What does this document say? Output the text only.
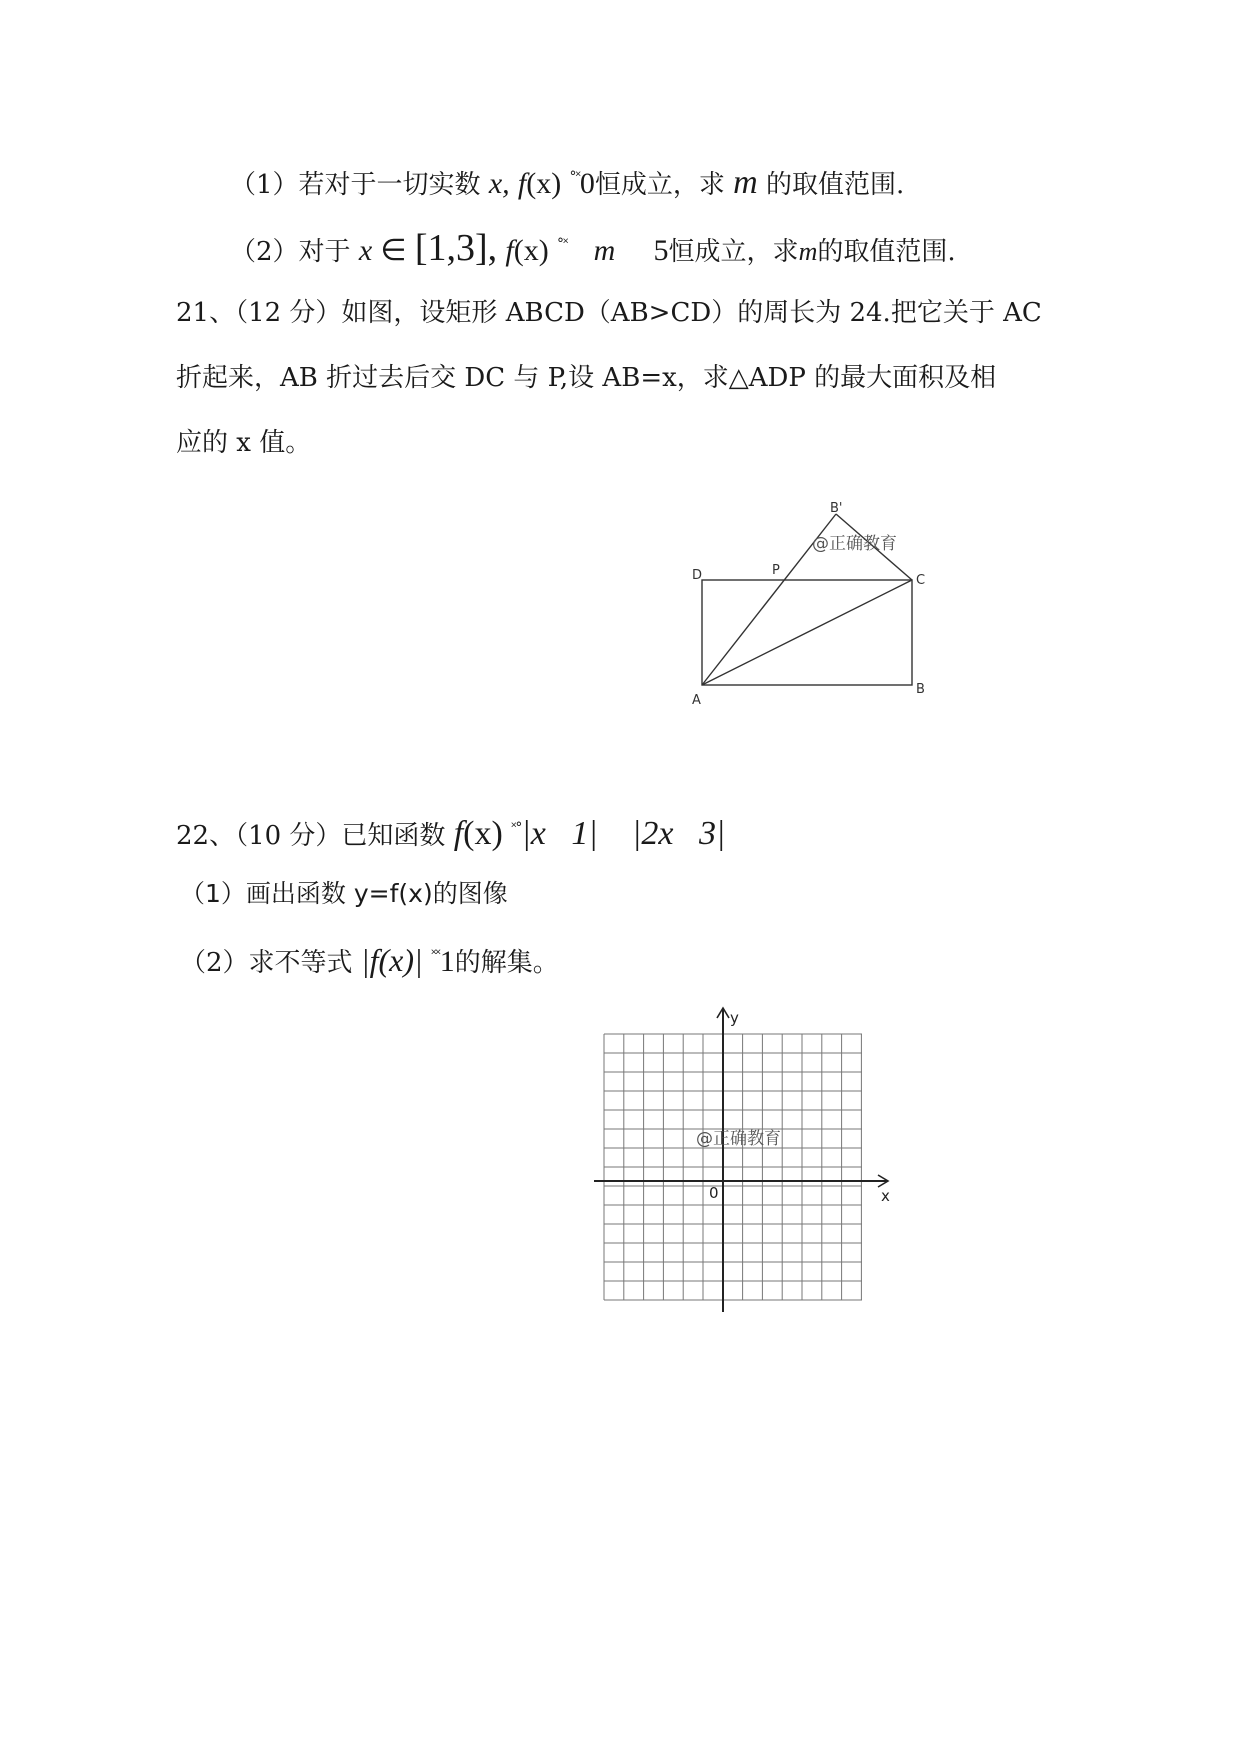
（1）若对于一切实数 x, f(x) °˟0恒成立，求 m 的取值范围.
（2）对于 x ∈ [1,3], f(x) °˟ m 5恒成立，求m的取值范围.
21、（12 分）如图，设矩形 ABCD（AB>CD）的周长为 24.把它关于 AC
折起来，AB 折过去后交 DC 与 P,设 AB=x，求△ADP 的最大面积及相
应的 x 值。
B'
D	P
C
A
B
@正确教育
22、（10 分）已知函数 f(x) ˟°|x   1| |2x   3|
（1）画出函数 y=f(x)的图像
（2）求不等式 |f(x)| ˟˟1的解集。
y
x
0
@正确教育
